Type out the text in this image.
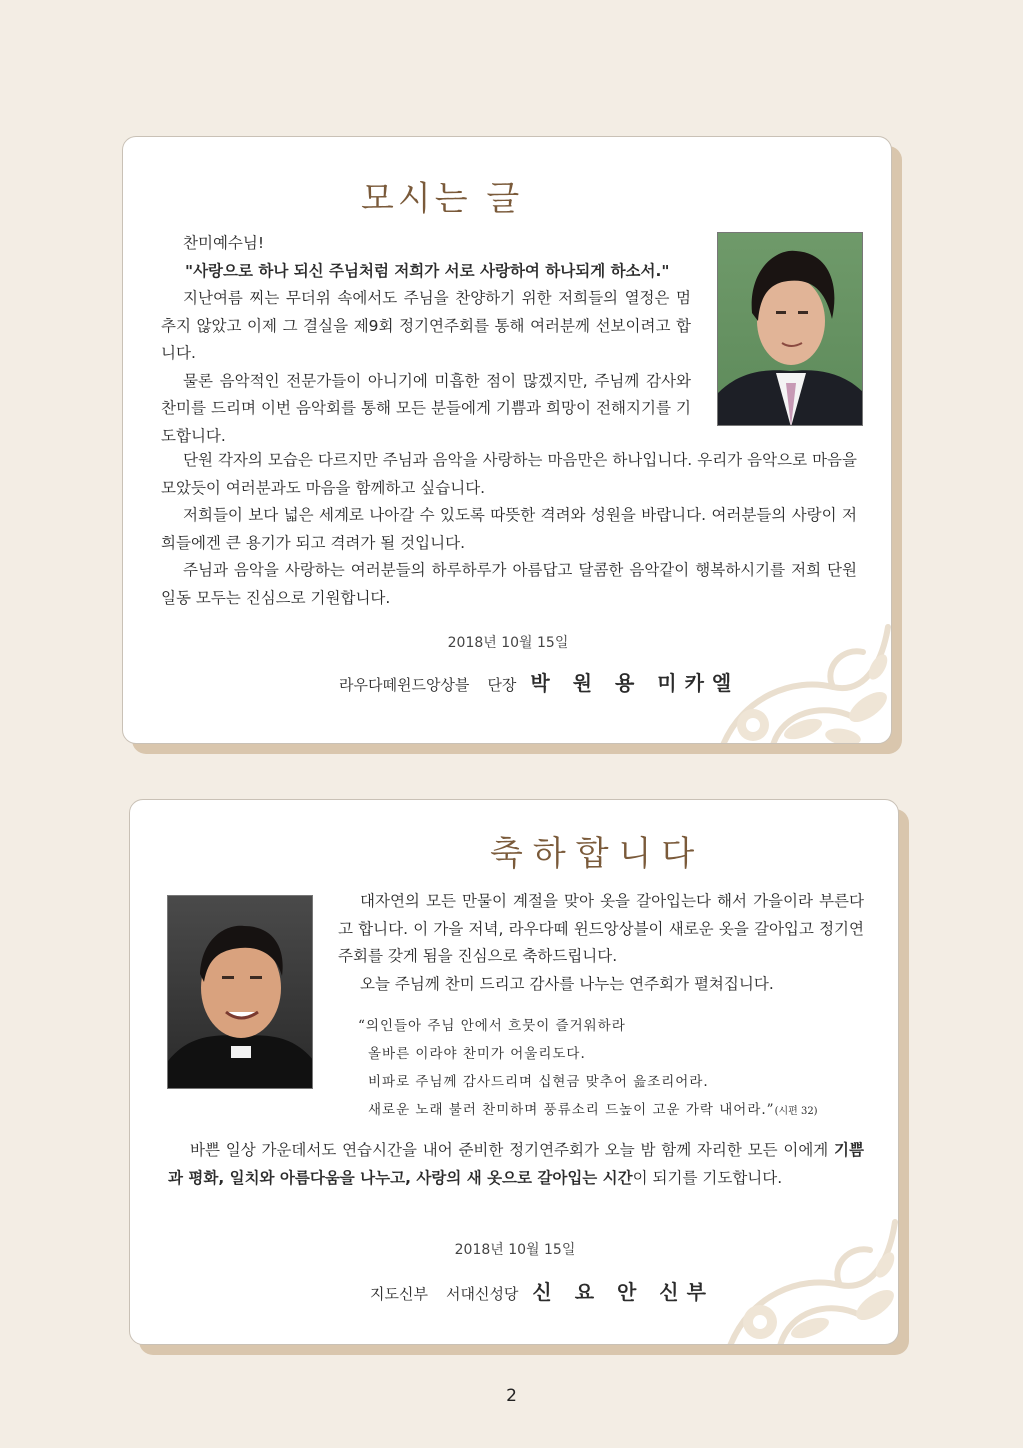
모시는 글

찬미예수님!

"사랑으로 하나 되신 주님처럼 저희가 서로 사랑하여 하나되게 하소서."

지난여름 찌는 무더위 속에서도 주님을 찬양하기 위한 저희들의 열정은 멈추지 않았고 이제 그 결실을 제9회 정기연주회를 통해 여러분께 선보이려고 합니다.

물론 음악적인 전문가들이 아니기에 미흡한 점이 많겠지만, 주님께 감사와 찬미를 드리며 이번 음악회를 통해 모든 분들에게 기쁨과 희망이 전해지기를 기도합니다.

단원 각자의 모습은 다르지만 주님과 음악을 사랑하는 마음만은 하나입니다. 우리가 음악으로 마음을 모았듯이 여러분과도 마음을 함께하고 싶습니다.

저희들이 보다 넓은 세계로 나아갈 수 있도록 따뜻한 격려와 성원을 바랍니다. 여러분들의 사랑이 저희들에겐 큰 용기가 되고 격려가 될 것입니다.

주님과 음악을 사랑하는 여러분들의 하루하루가 아름답고 달콤한 음악같이 행복하시기를 저희 단원 일동 모두는 진심으로 기원합니다.

2018년 10월 15일
라우다떼윈드앙상블 단장 박 원 용 미카엘
축하합니다

대자연의 모든 만물이 계절을 맞아 옷을 갈아입는다 해서 가을이라 부른다고 합니다. 이 가을 저녁, 라우다떼 윈드앙상블이 새로운 옷을 갈아입고 정기연주회를 갖게 됨을 진심으로 축하드립니다.

오늘 주님께 찬미 드리고 감사를 나누는 연주회가 펼쳐집니다.

“의인들아 주님 안에서 흐뭇이 즐거워하라
올바른 이라야 찬미가 어울리도다.
비파로 주님께 감사드리며 십현금 맞추어 읊조리어라.
새로운 노래 불러 찬미하며 풍류소리 드높이 고운 가락 내어라.”(시편 32)

바쁜 일상 가운데서도 연습시간을 내어 준비한 정기연주회가 오늘 밤 함께 자리한 모든 이에게 기쁨과 평화, 일치와 아름다움을 나누고, 사랑의 새 옷으로 갈아입는 시간이 되기를 기도합니다.

2018년 10월 15일
지도신부 서대신성당 신 요 안 신부
2
